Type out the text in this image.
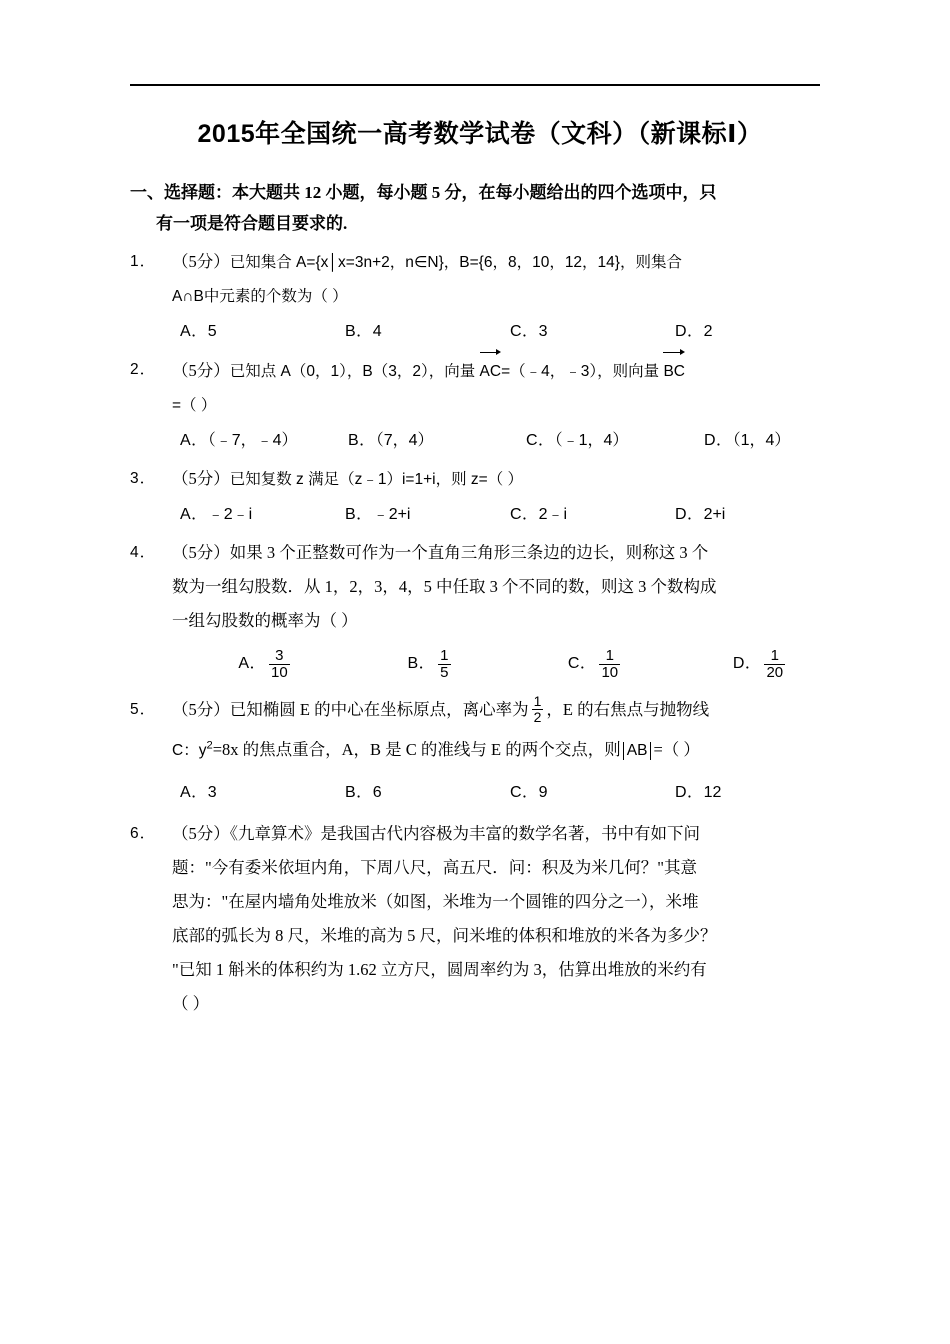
2015年全国统一高考数学试卷（文科）（新课标Ⅰ）
一、选择题：本大题共 12 小题，每小题 5 分，在每小题给出的四个选项中，只
有一项是符合题目要求的.
1． （5分）已知集合 A={x│x=3n+2，n∈N}，B={6，8，10，12，14}，则集合
A∩B中元素的个数为（ ）
A．5	B．4	C．3	D．2
2． （5分）已知点 A（0，1），B（3，2），向量 AC=（﹣4，﹣3），则向量 BC
=（ ）
A．（﹣7，﹣4）	B．（7，4）	C．（﹣1，4）	D．（1，4）
3． （5分）已知复数 z 满足（z﹣1）i=1+i，则 z=（ ）
A．﹣2﹣i	B．﹣2+i	C．2﹣i	D．2+i
4． （5分）如果 3 个正整数可作为一个直角三角形三条边的边长，则称这 3 个
数为一组勾股数．从 1，2，3，4，5 中任取 3 个不同的数，则这 3 个数构成
一组勾股数的概率为（ ）
A． $\frac{3}{10}$	B． $\frac{1}{5}$	C． $\frac{1}{10}$	D． $\frac{1}{20}$
5． （5分）已知椭圆 E 的中心在坐标原点，离心率为 $\frac{1}{2}$ ，E 的右焦点与抛物线
C：$y^2=8x$ 的焦点重合，A，B 是 C 的准线与 E 的两个交点，则 AB =（ ）
A．3	B．6	C．9	D．12
6． （5分）《九章算术》是我国古代内容极为丰富的数学名著，书中有如下问
题："今有委米依垣内角，下周八尺，高五尺．问：积及为米几何？"其意
思为："在屋内墙角处堆放米（如图，米堆为一个圆锥的四分之一），米堆
底部的弧长为 8 尺，米堆的高为 5 尺，问米堆的体积和堆放的米各为多少？
"已知 1 斛米的体积约为 1.62 立方尺，圆周率约为 3，估算出堆放的米约有
（ ）
